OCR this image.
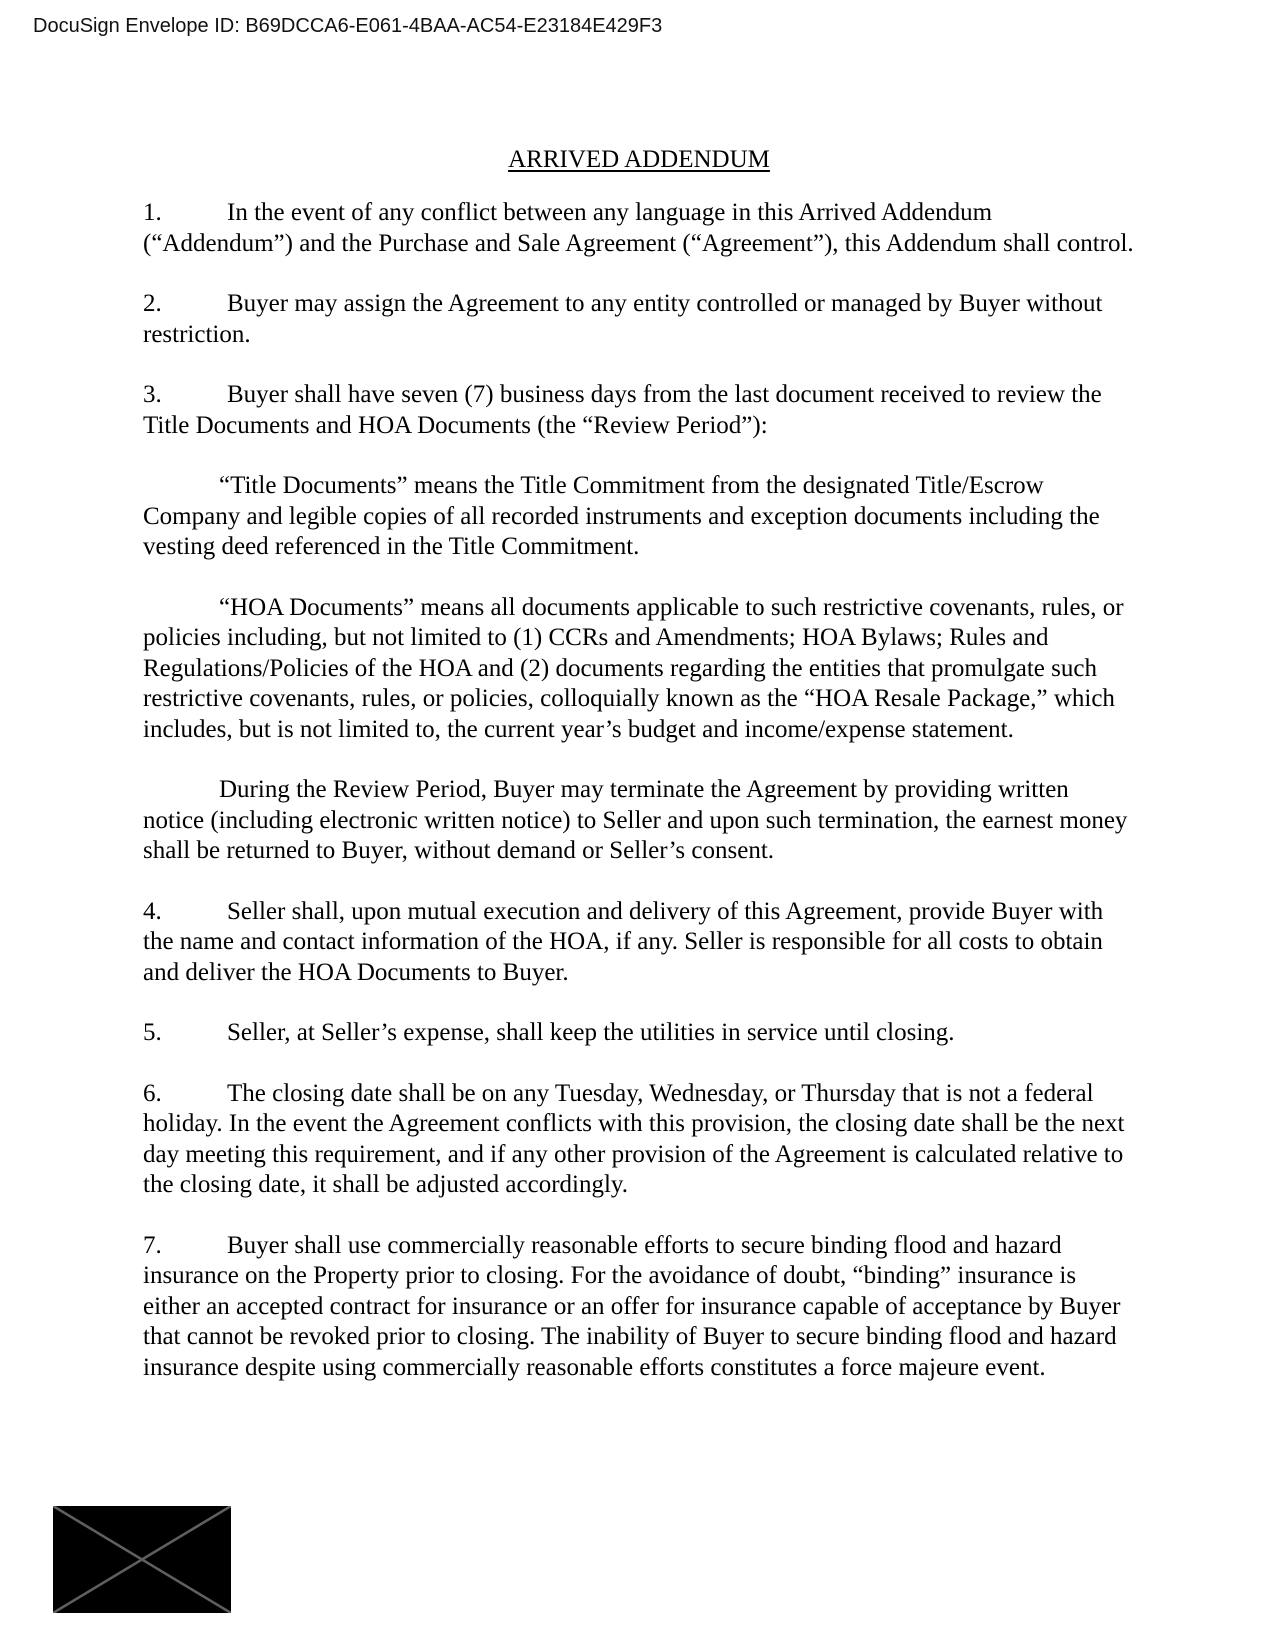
DocuSign Envelope ID: B69DCCA6-E061-4BAA-AC54-E23184E429F3
ARRIVED ADDENDUM

1.	In the event of any conflict between any language in this Arrived Addendum (“Addendum”) and the Purchase and Sale Agreement (“Agreement”), this Addendum shall control.

2.	Buyer may assign the Agreement to any entity controlled or managed by Buyer without restriction.

3.	Buyer shall have seven (7) business days from the last document received to review the Title Documents and HOA Documents (the “Review Period”):

“Title Documents” means the Title Commitment from the designated Title/Escrow Company and legible copies of all recorded instruments and exception documents including the vesting deed referenced in the Title Commitment.

“HOA Documents” means all documents applicable to such restrictive covenants, rules, or policies including, but not limited to (1) CCRs and Amendments; HOA Bylaws; Rules and Regulations/Policies of the HOA and (2) documents regarding the entities that promulgate such restrictive covenants, rules, or policies, colloquially known as the “HOA Resale Package,” which includes, but is not limited to, the current year’s budget and income/expense statement.

During the Review Period, Buyer may terminate the Agreement by providing written notice (including electronic written notice) to Seller and upon such termination, the earnest money shall be returned to Buyer, without demand or Seller’s consent.

4.	Seller shall, upon mutual execution and delivery of this Agreement, provide Buyer with the name and contact information of the HOA, if any. Seller is responsible for all costs to obtain and deliver the HOA Documents to Buyer.

5.	Seller, at Seller’s expense, shall keep the utilities in service until closing.

6.	The closing date shall be on any Tuesday, Wednesday, or Thursday that is not a federal holiday. In the event the Agreement conflicts with this provision, the closing date shall be the next day meeting this requirement, and if any other provision of the Agreement is calculated relative to the closing date, it shall be adjusted accordingly.

7.	Buyer shall use commercially reasonable efforts to secure binding flood and hazard insurance on the Property prior to closing. For the avoidance of doubt, “binding” insurance is either an accepted contract for insurance or an offer for insurance capable of acceptance by Buyer that cannot be revoked prior to closing. The inability of Buyer to secure binding flood and hazard insurance despite using commercially reasonable efforts constitutes a force majeure event.
